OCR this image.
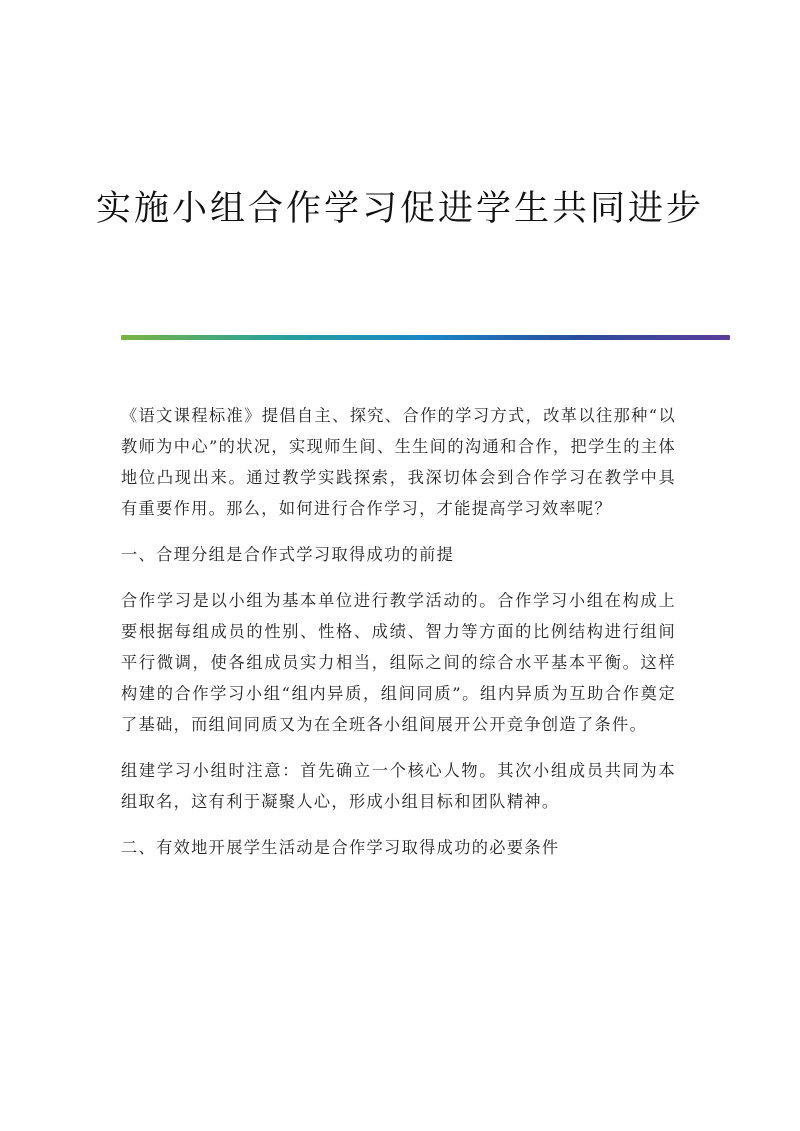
实施小组合作学习促进学生共同进步

《语文课程标准》提倡自主、探究、合作的学习方式，改革以往那种“以教师为中心”的状况，实现师生间、生生间的沟通和合作，把学生的主体地位凸现出来。通过教学实践探索，我深切体会到合作学习在教学中具有重要作用。那么，如何进行合作学习，才能提高学习效率呢？

一、合理分组是合作式学习取得成功的前提

合作学习是以小组为基本单位进行教学活动的。合作学习小组在构成上要根据每组成员的性别、性格、成绩、智力等方面的比例结构进行组间平行微调，使各组成员实力相当，组际之间的综合水平基本平衡。这样构建的合作学习小组“组内异质，组间同质”。组内异质为互助合作奠定了基础，而组间同质又为在全班各小组间展开公开竞争创造了条件。

组建学习小组时注意：首先确立一个核心人物。其次小组成员共同为本组取名，这有利于凝聚人心，形成小组目标和团队精神。

二、有效地开展学生活动是合作学习取得成功的必要条件
